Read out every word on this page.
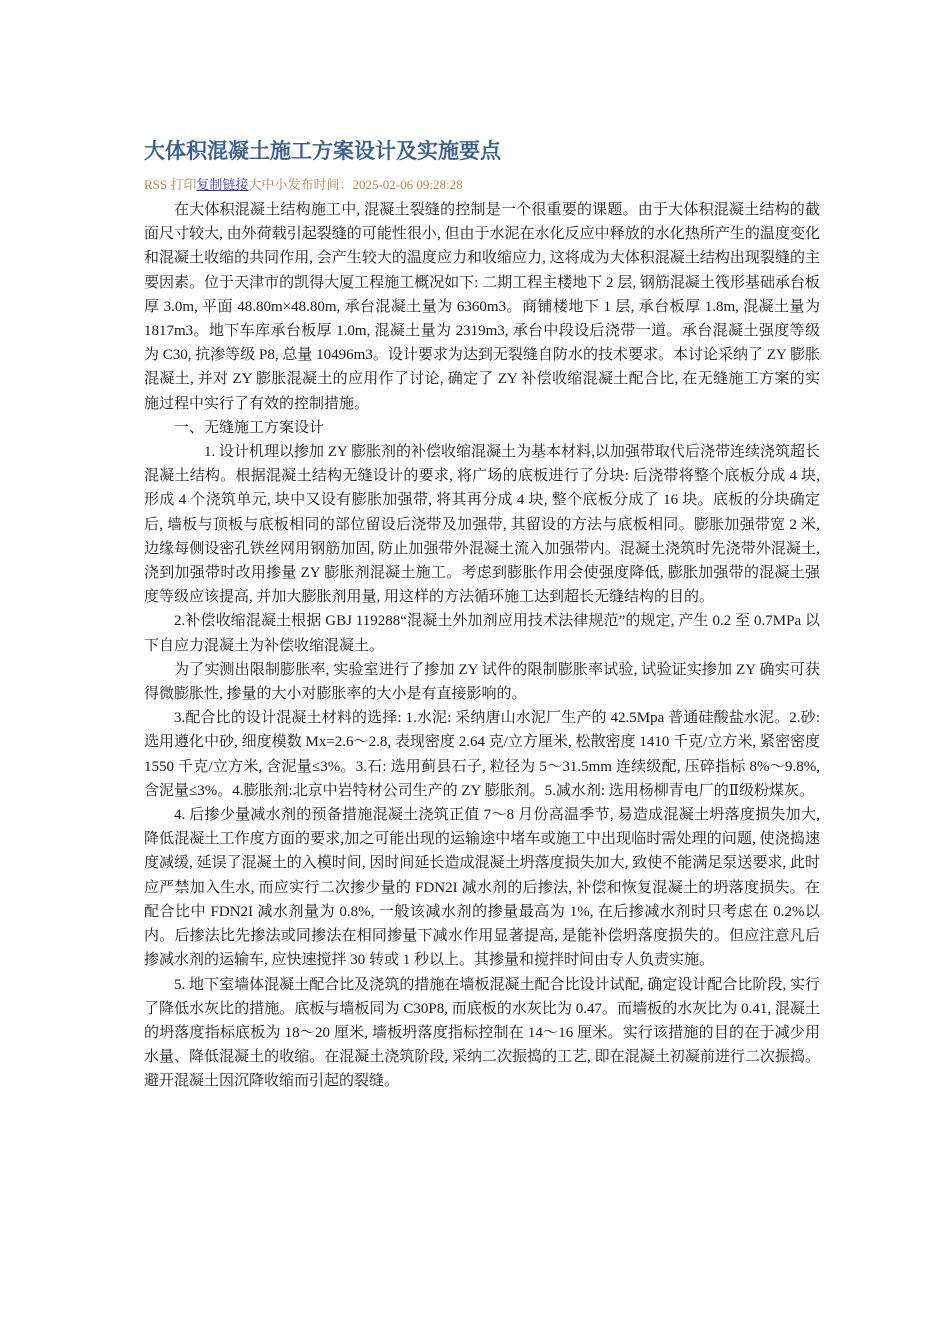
大体积混凝土施工方案设计及实施要点
RSS 打印复制链接大中小发布时间：2025-02-06 09:28:28

在大体积混凝土结构施工中, 混凝土裂缝的控制是一个很重要的课题。由于大体积混凝土结构的截面尺寸较大, 由外荷载引起裂缝的可能性很小, 但由于水泥在水化反应中释放的水化热所产生的温度变化和混凝土收缩的共同作用, 会产生较大的温度应力和收缩应力, 这将成为大体积混凝土结构出现裂缝的主要因素。位于天津市的凯得大厦工程施工概况如下: 二期工程主楼地下 2 层, 钢筋混凝土筏形基础承台板厚 3.0m, 平面 48.80m×48.80m, 承台混凝土量为 6360m3。商铺楼地下 1 层, 承台板厚 1.8m, 混凝土量为 1817m3。地下车库承台板厚 1.0m, 混凝土量为 2319m3, 承台中段设后浇带一道。承台混凝土强度等级为 C30, 抗渗等级 P8, 总量 10496m3。设计要求为达到无裂缝自防水的技术要求。本讨论采纳了 ZY 膨胀混凝土, 并对 ZY 膨胀混凝土的应用作了讨论, 确定了 ZY 补偿收缩混凝土配合比, 在无缝施工方案的实施过程中实行了有效的控制措施。

一、无缝施工方案设计

1. 设计机理以掺加 ZY 膨胀剂的补偿收缩混凝土为基本材料,以加强带取代后浇带连续浇筑超长混凝土结构。根据混凝土结构无缝设计的要求, 将广场的底板进行了分块: 后浇带将整个底板分成 4 块,形成 4 个浇筑单元, 块中又设有膨胀加强带, 将其再分成 4 块, 整个底板分成了 16 块。底板的分块确定后, 墙板与顶板与底板相同的部位留设后浇带及加强带, 其留设的方法与底板相同。膨胀加强带宽 2 米, 边缘每侧设密孔铁丝网用钢筋加固, 防止加强带外混凝土流入加强带内。混凝土浇筑时先浇带外混凝土, 浇到加强带时改用掺量 ZY 膨胀剂混凝土施工。考虑到膨胀作用会使强度降低, 膨胀加强带的混凝土强度等级应该提高, 并加大膨胀剂用量, 用这样的方法循环施工达到超长无缝结构的目的。

2.补偿收缩混凝土根据 GBJ 119288“混凝土外加剂应用技术法律规范”的规定, 产生 0.2 至 0.7MPa 以下自应力混凝土为补偿收缩混凝土。

为了实测出限制膨胀率, 实验室进行了掺加 ZY 试件的限制膨胀率试验, 试验证实掺加 ZY 确实可获得微膨胀性, 掺量的大小对膨胀率的大小是有直接影响的。

3.配合比的设计混凝土材料的选择: 1.水泥: 采纳唐山水泥厂生产的 42.5Mpa 普通硅酸盐水泥。2.砂:选用遵化中砂, 细度模数 Mx=2.6～2.8, 表现密度 2.64 克/立方厘米, 松散密度 1410 千克/立方米, 紧密密度 1550 千克/立方米, 含泥量≤3%。3.石: 选用蓟县石子, 粒径为 5～31.5mm 连续级配, 压碎指标 8%～9.8%, 含泥量≤3%。4.膨胀剂:北京中岩特材公司生产的 ZY 膨胀剂。5.减水剂: 选用杨柳青电厂的Ⅱ级粉煤灰。

4. 后掺少量减水剂的预备措施混凝土浇筑正值 7～8 月份高温季节, 易造成混凝土坍落度损失加大, 降低混凝土工作度方面的要求,加之可能出现的运输途中堵车或施工中出现临时需处理的问题, 使浇捣速度减缓, 延误了混凝土的入模时间, 因时间延长造成混凝土坍落度损失加大, 致使不能满足泵送要求, 此时应严禁加入生水, 而应实行二次掺少量的 FDN2I 减水剂的后掺法, 补偿和恢复混凝土的坍落度损失。在配合比中 FDN2I 减水剂量为 0.8%, 一般该减水剂的掺量最高为 1%, 在后掺减水剂时只考虑在 0.2%以内。后掺法比先掺法或同掺法在相同掺量下减水作用显著提高, 是能补偿坍落度损失的。但应注意凡后掺减水剂的运输车, 应快速搅拌 30 转或 1 秒以上。其掺量和搅拌时间由专人负责实施。

5. 地下室墙体混凝土配合比及浇筑的措施在墙板混凝土配合比设计试配, 确定设计配合比阶段, 实行了降低水灰比的措施。底板与墙板同为 C30P8, 而底板的水灰比为 0.47。而墙板的水灰比为 0.41, 混凝土的坍落度指标底板为 18～20 厘米, 墙板坍落度指标控制在 14～16 厘米。实行该措施的目的在于减少用水量、降低混凝土的收缩。在混凝土浇筑阶段, 采纳二次振捣的工艺, 即在混凝土初凝前进行二次振捣。避开混凝土因沉降收缩而引起的裂缝。
